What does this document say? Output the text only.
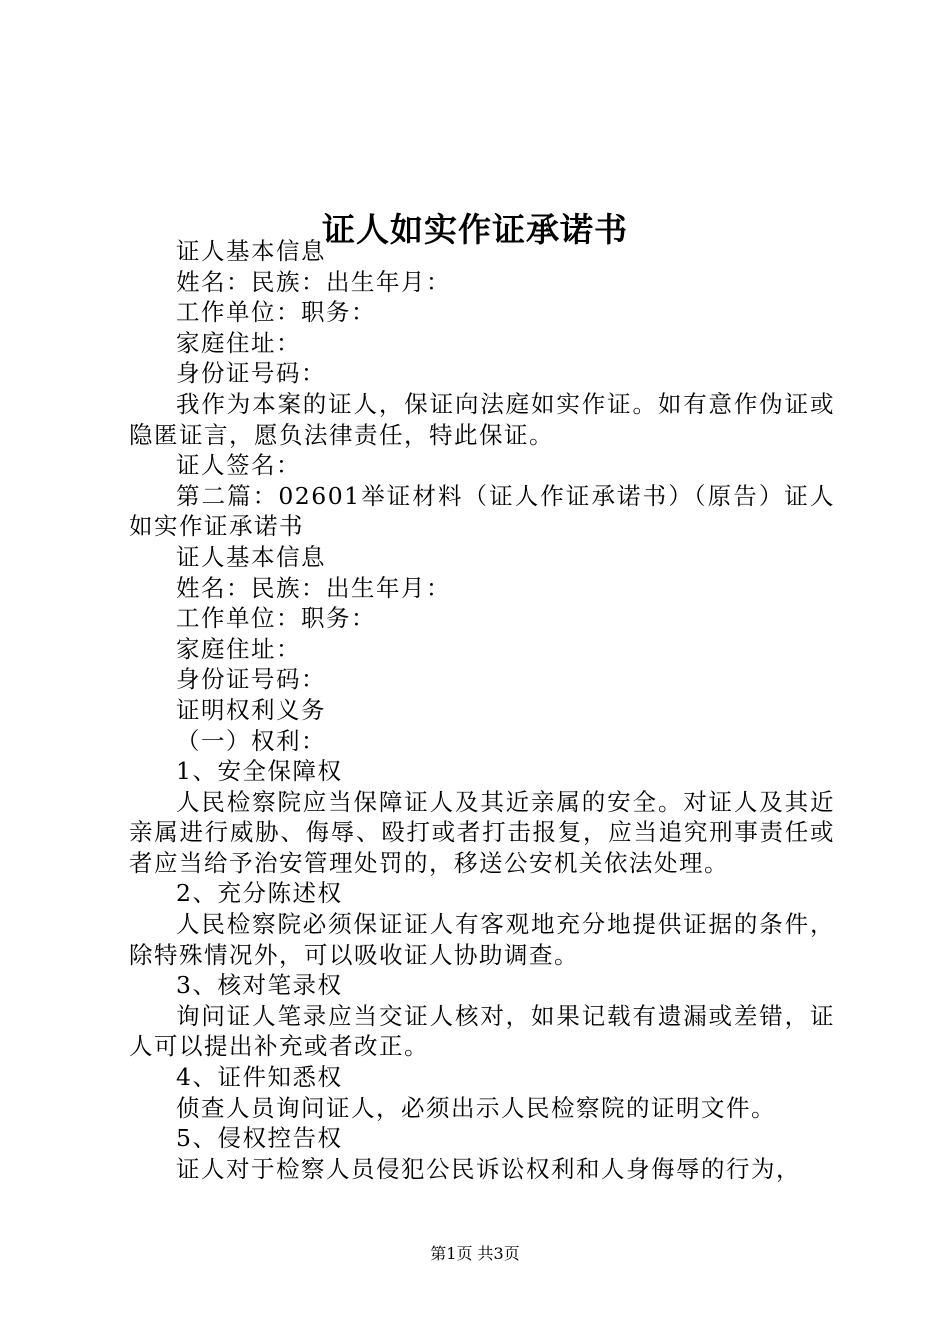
证人如实作证承诺书

证人基本信息

姓名：民族：出生年月：

工作单位：职务：

家庭住址：

身份证号码：

我作为本案的证人，保证向法庭如实作证。如有意作伪证或隐匿证言，愿负法律责任，特此保证。

证人签名：

第二篇：02601举证材料（证人作证承诺书）（原告）证人如实作证承诺书

证人基本信息

姓名：民族：出生年月：

工作单位：职务：

家庭住址：

身份证号码：

证明权利义务

（一）权利：

1、安全保障权

人民检察院应当保障证人及其近亲属的安全。对证人及其近亲属进行威胁、侮辱、殴打或者打击报复，应当追究刑事责任或者应当给予治安管理处罚的，移送公安机关依法处理。

2、充分陈述权

人民检察院必须保证证人有客观地充分地提供证据的条件，除特殊情况外，可以吸收证人协助调查。

3、核对笔录权

询问证人笔录应当交证人核对，如果记载有遗漏或差错，证人可以提出补充或者改正。

4、证件知悉权

侦查人员询问证人，必须出示人民检察院的证明文件。

5、侵权控告权

证人对于检察人员侵犯公民诉讼权利和人身侮辱的行为，

第1页 共3页
